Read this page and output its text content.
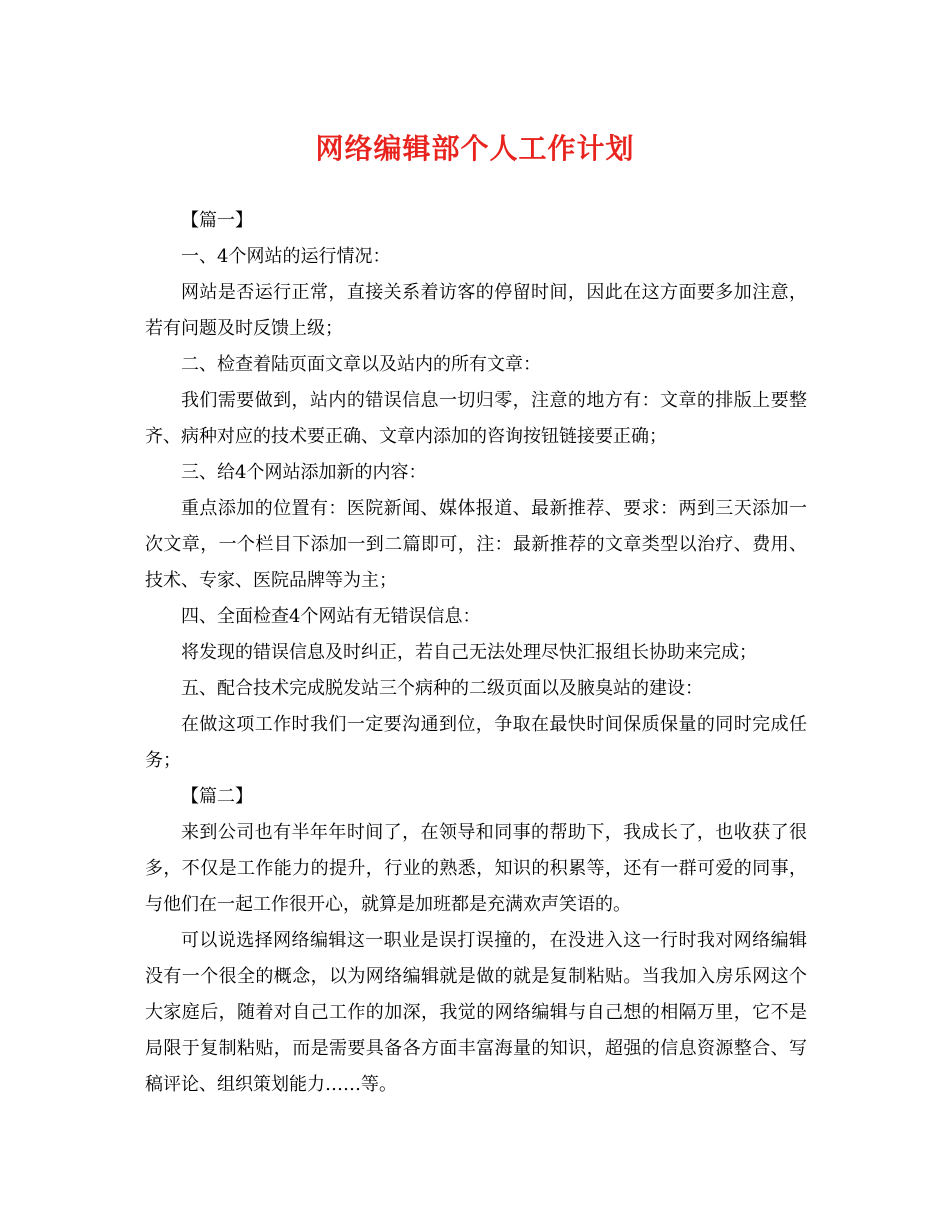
网络编辑部个人工作计划

【篇一】

一、4个网站的运行情况：

网站是否运行正常，直接关系着访客的停留时间，因此在这方面要多加注意，若有问题及时反馈上级；

二、检查着陆页面文章以及站内的所有文章：

我们需要做到，站内的错误信息一切归零，注意的地方有：文章的排版上要整齐、病种对应的技术要正确、文章内添加的咨询按钮链接要正确；

三、给4个网站添加新的内容：

重点添加的位置有：医院新闻、媒体报道、最新推荐、要求：两到三天添加一次文章，一个栏目下添加一到二篇即可，注：最新推荐的文章类型以治疗、费用、技术、专家、医院品牌等为主；

四、全面检查4个网站有无错误信息：

将发现的错误信息及时纠正，若自己无法处理尽快汇报组长协助来完成；

五、配合技术完成脱发站三个病种的二级页面以及腋臭站的建设：

在做这项工作时我们一定要沟通到位，争取在最快时间保质保量的同时完成任务；

【篇二】

来到公司也有半年年时间了，在领导和同事的帮助下，我成长了，也收获了很多，不仅是工作能力的提升，行业的熟悉，知识的积累等，还有一群可爱的同事，与他们在一起工作很开心，就算是加班都是充满欢声笑语的。

可以说选择网络编辑这一职业是误打误撞的，在没进入这一行时我对网络编辑没有一个很全的概念，以为网络编辑就是做的就是复制粘贴。当我加入房乐网这个大家庭后，随着对自己工作的加深，我觉的网络编辑与自己想的相隔万里，它不是局限于复制粘贴，而是需要具备各方面丰富海量的知识，超强的信息资源整合、写稿评论、组织策划能力……等。
